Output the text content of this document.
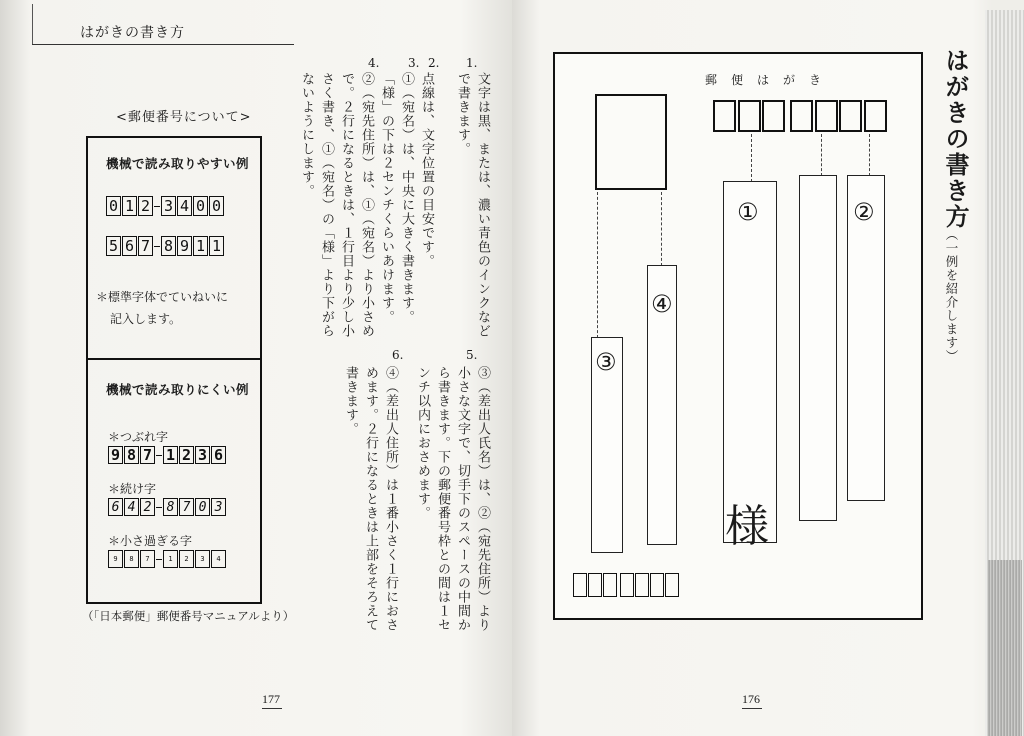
はがきの書き方
<郵便番号について>
機械で読み取りやすい例
0 1 2 3 4 0 0
5 6 7 8 9 1 1
＊標準字体でていねいに
記入します。
機械で読み取りにくい例
＊つぶれ字
9 8 7 1 2 3 6
＊続け字
6 4 2 8 7 0 3
＊小さ過ぎる字
9	8	7	1	2	3	4
（「日本郵便」郵便番号マニュアルより）
1.
文字は黒、または、濃い青色のインクなどで書きます。
2.
点線は、文字位置の目安です。
3.
①（宛名）は、中央に大きく書きます。「様」の下は２センチくらいあけます。
4.
②（宛先住所）は、①（宛名）より小さめで。２行になるときは、１行目より少し小さく書き、①（宛名）の「様」より下がらないようにします。
5.
③（差出人氏名）は、②（宛先住所）より小さな文字で、切手下のスペースの中間から書きます。下の郵便番号枠との間は１センチ以内におさめます。
6.
④（差出人住所）は１番小さく１行におさめます。２行になるときは上部をそろえて書きます。
177
郵便はがき
①	②
③
④
様
はがきの書き方
（一例を紹介します）
176
